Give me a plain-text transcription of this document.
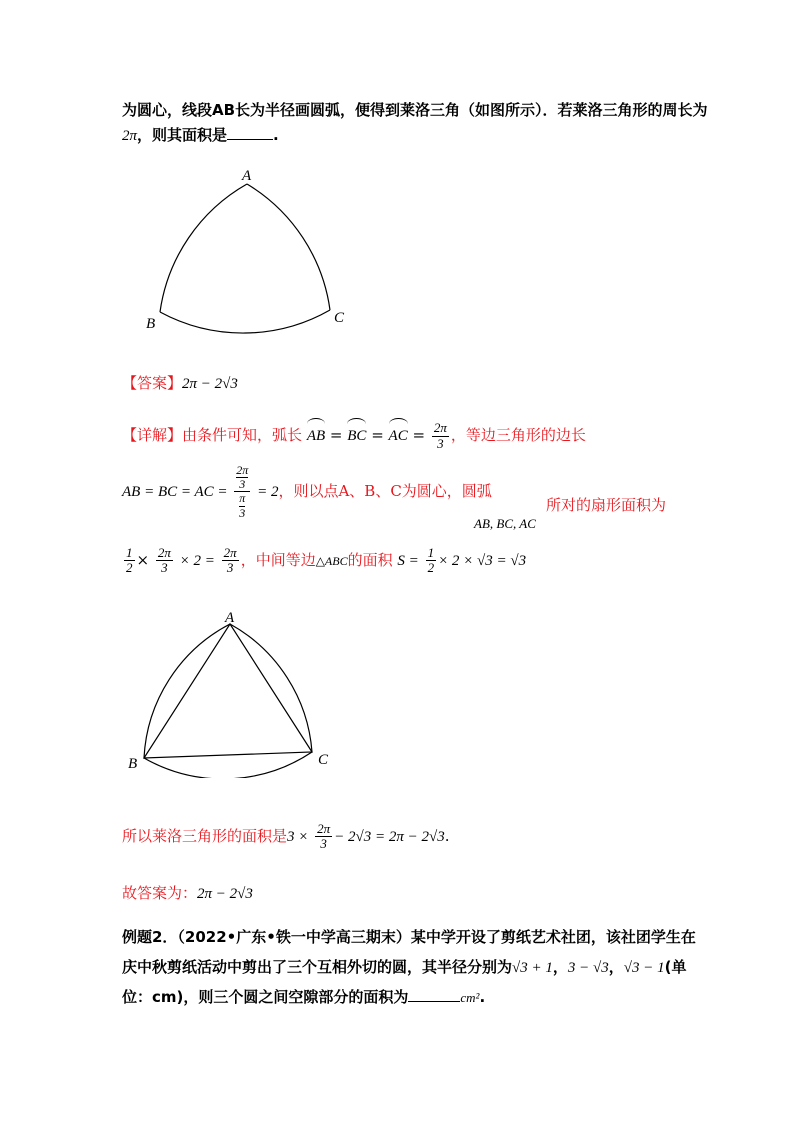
为圆心，线段AB长为半径画圆弧，便得到莱洛三角（如图所示）．若莱洛三角形的周长为
2π，则其面积是	.
A
B	C
【答案】2π − 2√3
【详解】由条件可知，弧长 AB = BC = AC = $\frac{2\pi}{3}$ ，等边三角形的边长
AB = BC = AC = 2π
3
π
3 = 2，则以点A、B、C为圆心，圆弧
AB, BC, AC
所对的扇形面积为
$\frac{1}{2} \times \frac{2\pi}{3} \times 2 = \frac{2\pi}{3}$ ，中间等边△ABC的面积 $S = \frac{1}{2} \times 2 \times √3 = √3$
A
B	C
所以莱洛三角形的面积是$3 \times \frac{2\pi}{3} - 2√3 = 2\pi - 2√3$.
故答案为：2π − 2√3
例题2．（2022•广东•铁一中学高三期末）某中学开设了剪纸艺术社团，该社团学生在
庆中秋剪纸活动中剪出了三个互相外切的圆，其半径分别为√3 + 1，3 − √3，√3 − 1(单
位：cm)，则三个圆之间空隙部分的面积为	cm².
